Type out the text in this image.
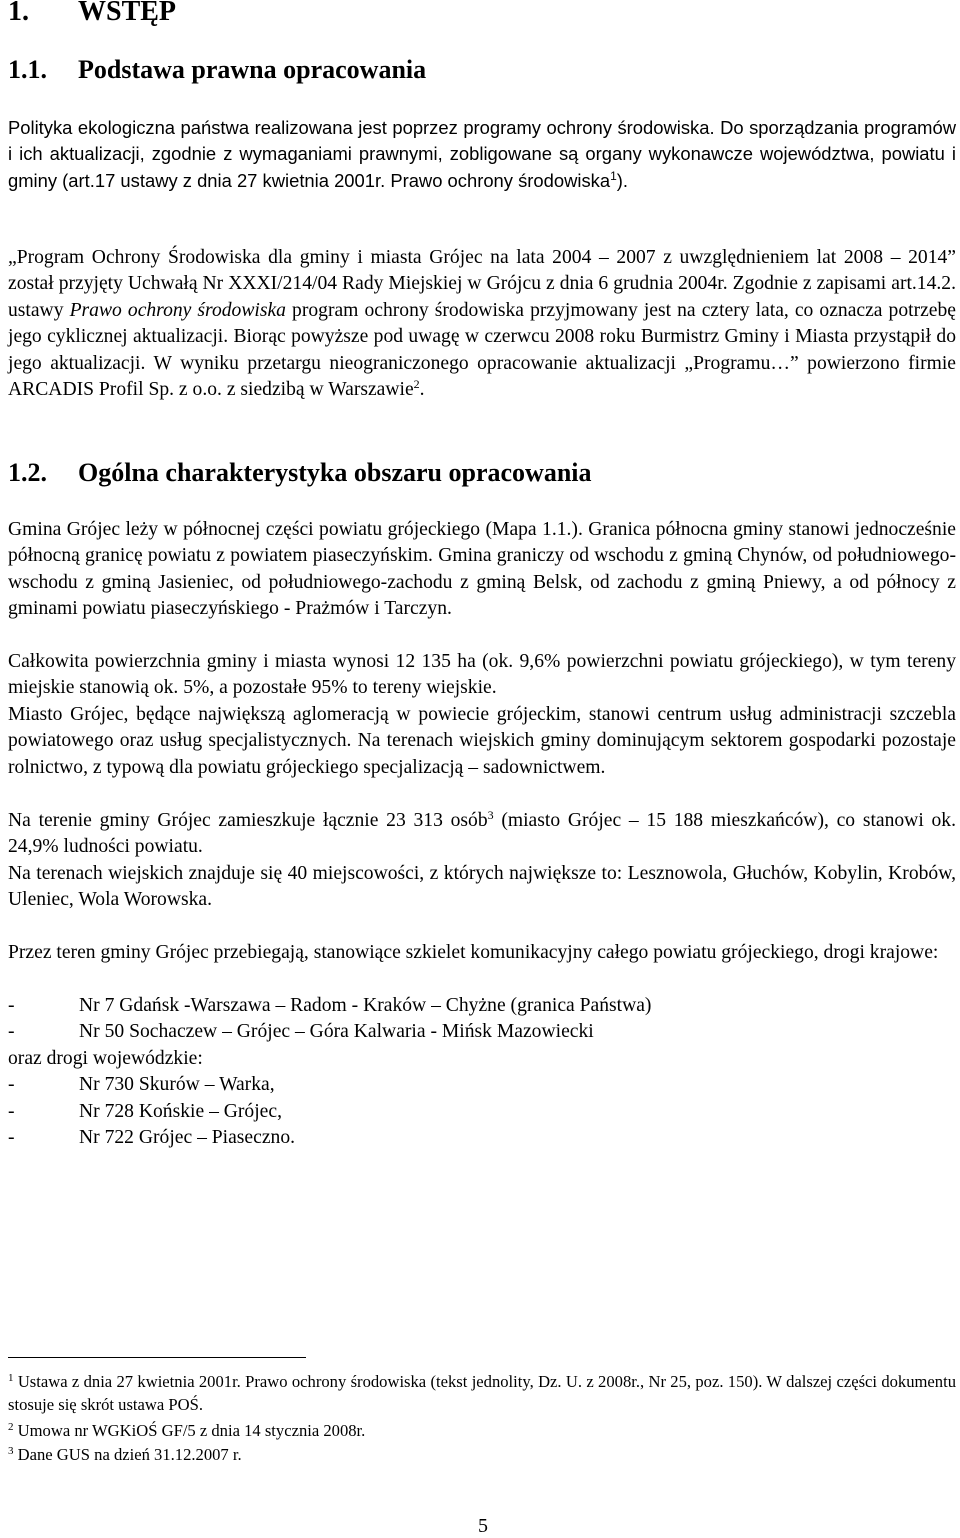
1. WSTĘP
1.1. Podstawa prawna opracowania
Polityka ekologiczna państwa realizowana jest poprzez programy ochrony środowiska. Do sporządzania programów i ich aktualizacji, zgodnie z wymaganiami prawnymi, zobligowane są organy wykonawcze województwa, powiatu i gminy (art.17 ustawy z dnia 27 kwietnia 2001r. Prawo ochrony środowiska$^1$).
„Program Ochrony Środowiska dla gminy i miasta Grójec na lata 2004 – 2007 z uwzględnieniem lat 2008 – 2014” został przyjęty Uchwałą Nr XXXI/214/04 Rady Miejskiej w Grójcu z dnia 6 grudnia 2004r. Zgodnie z zapisami art.14.2. ustawy Prawo ochrony środowiska program ochrony środowiska przyjmowany jest na cztery lata, co oznacza potrzebę jego cyklicznej aktualizacji. Biorąc powyższe pod uwagę w czerwcu 2008 roku Burmistrz Gminy i Miasta przystąpił do jego aktualizacji. W wyniku przetargu nieograniczonego opracowanie aktualizacji „Programu…” powierzono firmie ARCADIS Profil Sp. z o.o. z siedzibą w Warszawie$^2$.
1.2. Ogólna charakterystyka obszaru opracowania
Gmina Grójec leży w północnej części powiatu grójeckiego (Mapa 1.1.). Granica północna gminy stanowi jednocześnie północną granicę powiatu z powiatem piaseczyńskim. Gmina graniczy od wschodu z gminą Chynów, od południowego-wschodu z gminą Jasieniec, od południowego-zachodu z gminą Belsk, od zachodu z gminą Pniewy, a od północy z gminami powiatu piaseczyńskiego - Prażmów i Tarczyn.
Całkowita powierzchnia gminy i miasta wynosi 12 135 ha (ok. 9,6% powierzchni powiatu grójeckiego), w tym tereny miejskie stanowią ok. 5%, a pozostałe 95% to tereny wiejskie.
Miasto Grójec, będące największą aglomeracją w powiecie grójeckim, stanowi centrum usług administracji szczebla powiatowego oraz usług specjalistycznych. Na terenach wiejskich gminy dominującym sektorem gospodarki pozostaje rolnictwo, z typową dla powiatu grójeckiego specjalizacją – sadownictwem.
Na terenie gminy Grójec zamieszkuje łącznie 23 313 osób$^3$ (miasto Grójec – 15 188 mieszkańców), co stanowi ok. 24,9% ludności powiatu.
Na terenach wiejskich znajduje się 40 miejscowości, z których największe to: Lesznowola, Głuchów, Kobylin, Krobów, Uleniec, Wola Worowska.
Przez teren gminy Grójec przebiegają, stanowiące szkielet komunikacyjny całego powiatu grójeckiego, drogi krajowe:
-	Nr 7 Gdańsk -Warszawa – Radom - Kraków – Chyżne (granica Państwa)
-	Nr 50 Sochaczew – Grójec – Góra Kalwaria - Mińsk Mazowiecki
oraz drogi wojewódzkie:
-	Nr 730 Skurów – Warka,
-	Nr 728 Końskie – Grójec,
-	Nr 722 Grójec – Piaseczno.
$^1$ Ustawa z dnia 27 kwietnia 2001r. Prawo ochrony środowiska (tekst jednolity, Dz. U. z 2008r., Nr 25, poz. 150). W dalszej części dokumentu stosuje się skrót ustawa POŚ.
$^2$ Umowa nr WGKiOŚ GF/5 z dnia 14 stycznia 2008r.
$^3$ Dane GUS na dzień 31.12.2007 r.
5
